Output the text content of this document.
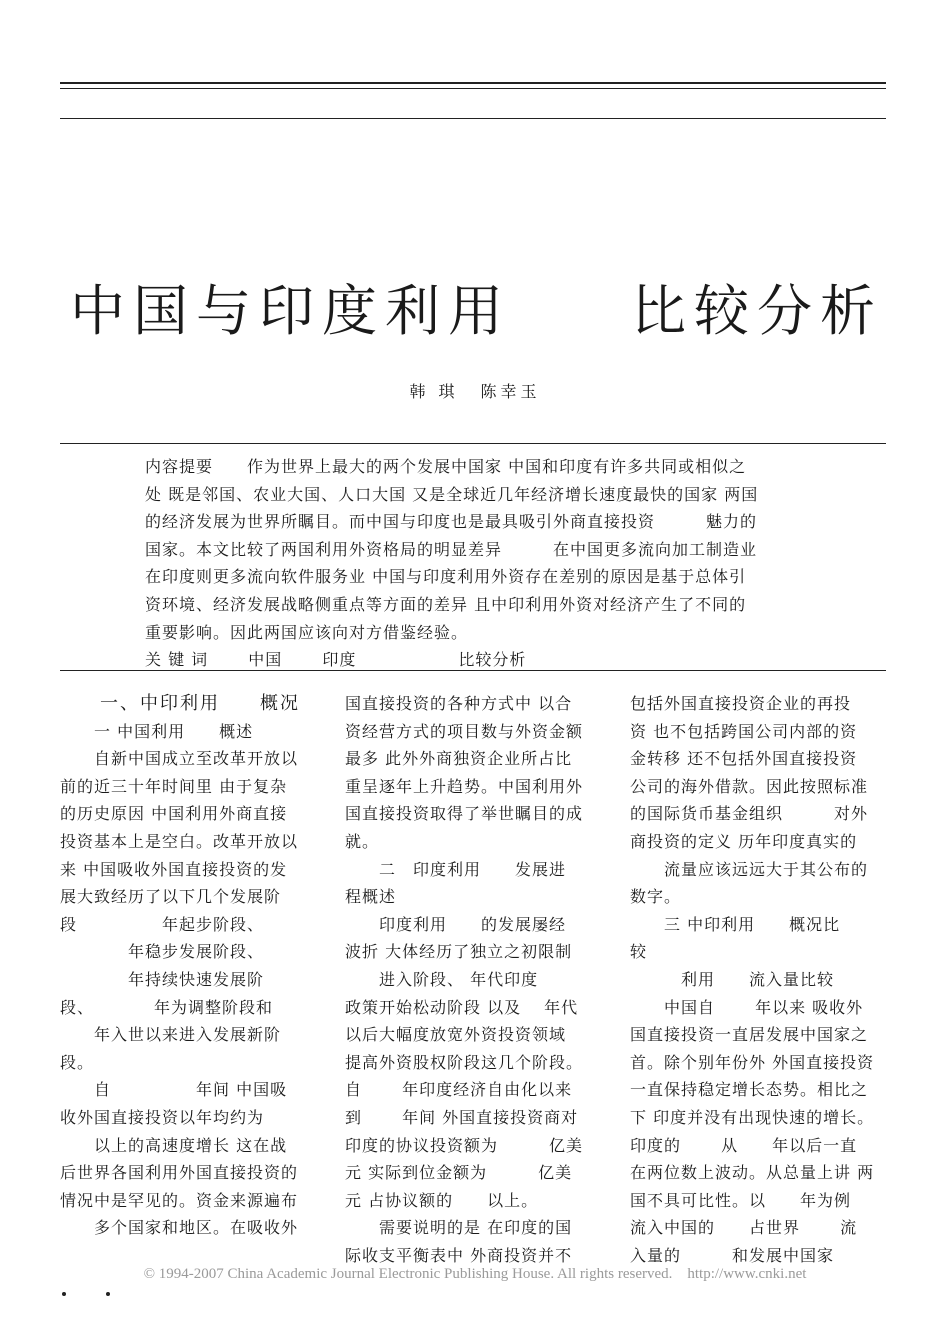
中国与印度利用 比较分析
韩 琪 陈幸玉
内容提要　　作为世界上最大的两个发展中国家 中国和印度有许多共同或相似之
处 既是邻国、农业大国、人口大国 又是全球近几年经济增长速度最快的国家 两国
的经济发展为世界所瞩目。而中国与印度也是最具吸引外商直接投资　　　魅力的
国家。本文比较了两国利用外资格局的明显差异　　　在中国更多流向加工制造业
在印度则更多流向软件服务业 中国与印度利用外资存在差别的原因是基于总体引
资环境、经济发展战略侧重点等方面的差异 且中印利用外资对经济产生了不同的
重要影响。因此两国应该向对方借鉴经验。
关 键 词　　 中国　　 印度　　　　　　比较分析
　　一、中印利用　　概况
　　一 中国利用　　概述
　　自新中国成立至改革开放以
前的近三十年时间里 由于复杂
的历史原因 中国利用外商直接
投资基本上是空白。改革开放以
来 中国吸收外国直接投资的发
展大致经历了以下几个发展阶
段　　　　　年起步阶段、
　　　　年稳步发展阶段、
　　　　年持续快速发展阶
段、　　　　年为调整阶段和
　　年入世以来进入发展新阶
段。
　　自　　　　　年间 中国吸
收外国直接投资以年均约为
　　以上的高速度增长 这在战
后世界各国利用外国直接投资的
情况中是罕见的。资金来源遍布
　　多个国家和地区。在吸收外
国直接投资的各种方式中 以合
资经营方式的项目数与外资金额
最多 此外外商独资企业所占比
重呈逐年上升趋势。中国利用外
国直接投资取得了举世瞩目的成
就。
　　二　印度利用　　发展进
程概述
　　印度利用　　的发展屡经
波折 大体经历了独立之初限制
　　进入阶段、 年代印度
政策开始松动阶段 以及　 年代
以后大幅度放宽外资投资领域
提高外资股权阶段这几个阶段。
自　　 年印度经济自由化以来
到　　 年间 外国直接投资商对
印度的协议投资额为　　　亿美
元 实际到位金额为　　　亿美
元 占协议额的　　以上。
　　需要说明的是 在印度的国
际收支平衡表中 外商投资并不
包括外国直接投资企业的再投
资 也不包括跨国公司内部的资
金转移 还不包括外国直接投资
公司的海外借款。因此按照标准
的国际货币基金组织　　　对外
商投资的定义 历年印度真实的
　　流量应该远远大于其公布的
数字。
　　三 中印利用　　概况比
较
　　　利用　　流入量比较
　　中国自　　 年以来 吸收外
国直接投资一直居发展中国家之
首。除个别年份外 外国直接投资
一直保持稳定增长态势。相比之
下 印度并没有出现快速的增长。
印度的　　 从　　年以后一直
在两位数上波动。从总量上讲 两
国不具可比性。以　　年为例
流入中国的　　占世界　　 流
入量的　　　和发展中国家
© 1994-2007 China Academic Journal Electronic Publishing House. All rights reserved. http://www.cnki.net
